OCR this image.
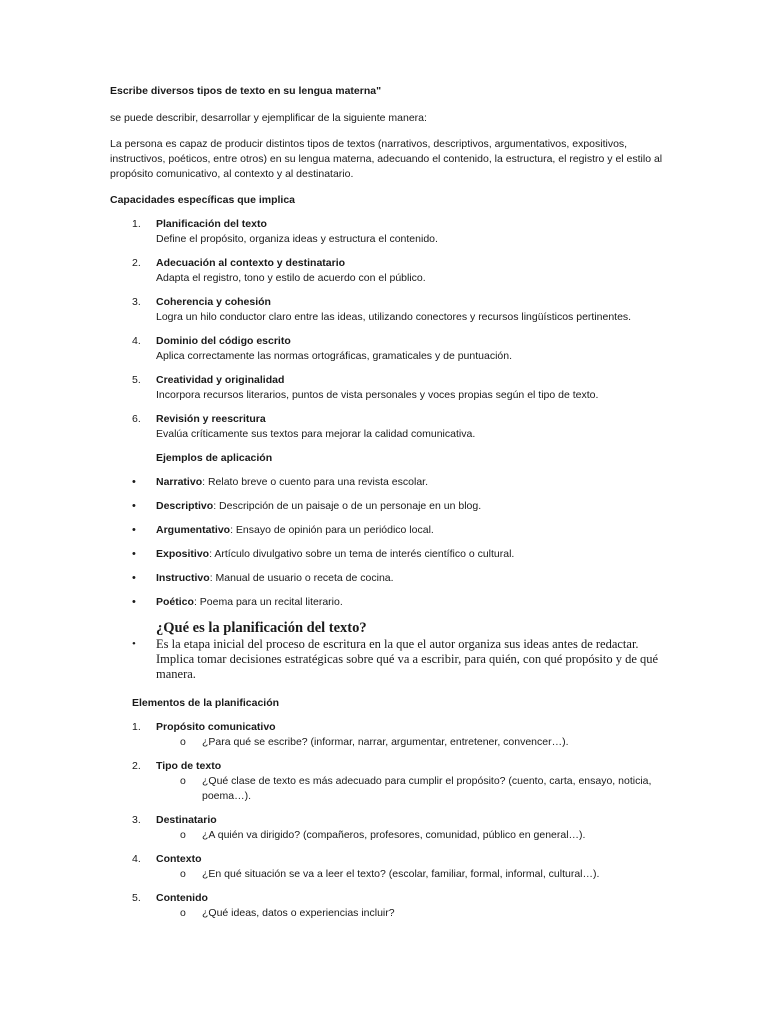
Escribe diversos tipos de texto en su lengua materna"

se puede describir, desarrollar y ejemplificar de la siguiente manera:

La persona es capaz de producir distintos tipos de textos (narrativos, descriptivos, argumentativos, expositivos, instructivos, poéticos, entre otros) en su lengua materna, adecuando el contenido, la estructura, el registro y el estilo al propósito comunicativo, al contexto y al destinatario.

Capacidades específicas que implica

1.	Planificación del texto
Define el propósito, organiza ideas y estructura el contenido.
2.	Adecuación al contexto y destinatario
Adapta el registro, tono y estilo de acuerdo con el público.
3.	Coherencia y cohesión
Logra un hilo conductor claro entre las ideas, utilizando conectores y recursos lingüísticos pertinentes.
4.	Dominio del código escrito
Aplica correctamente las normas ortográficas, gramaticales y de puntuación.
5.	Creatividad y originalidad
Incorpora recursos literarios, puntos de vista personales y voces propias según el tipo de texto.
6.	Revisión y reescritura
Evalúa críticamente sus textos para mejorar la calidad comunicativa.

Ejemplos de aplicación

• Narrativo: Relato breve o cuento para una revista escolar.
• Descriptivo: Descripción de un paisaje o de un personaje en un blog.
• Argumentativo: Ensayo de opinión para un periódico local.
• Expositivo: Artículo divulgativo sobre un tema de interés científico o cultural.
• Instructivo: Manual de usuario o receta de cocina.
• Poético: Poema para un recital literario.
¿Qué es la planificación del texto?
• Es la etapa inicial del proceso de escritura en la que el autor organiza sus ideas antes de redactar. Implica tomar decisiones estratégicas sobre qué va a escribir, para quién, con qué propósito y de qué manera.

Elementos de la planificación

1.	Propósito comunicativo
o ¿Para qué se escribe? (informar, narrar, argumentar, entretener, convencer…).
2.	Tipo de texto
o ¿Qué clase de texto es más adecuado para cumplir el propósito? (cuento, carta, ensayo, noticia, poema…).
3.	Destinatario
o ¿A quién va dirigido? (compañeros, profesores, comunidad, público en general…).
4.	Contexto
o ¿En qué situación se va a leer el texto? (escolar, familiar, formal, informal, cultural…).
5.	Contenido
o ¿Qué ideas, datos o experiencias incluir?
